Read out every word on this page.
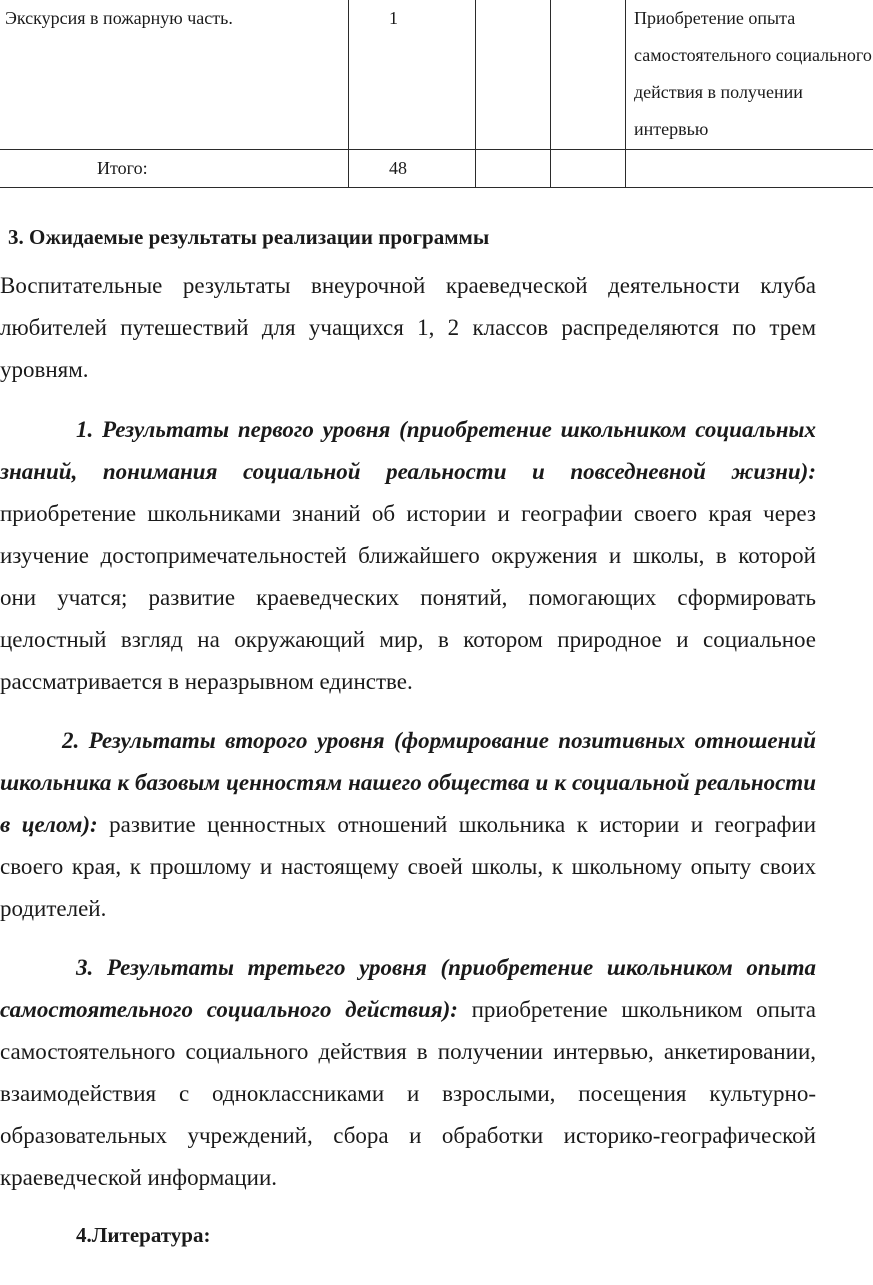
Экскурсия в пожарную часть.	1			Приобретение опыта самостоятельного социального действия в получении интервью
Итого:	48			
3. Ожидаемые результаты реализации программы
Воспитательные результаты внеурочной краеведческой деятельности клуба любителей путешествий для учащихся 1, 2 классов распределяются по трем уровням.
1. Результаты первого уровня (приобретение школьником социальных знаний, понимания социальной реальности и повседневной жизни): приобретение школьниками знаний об истории и географии своего края через изучение достопримечательностей ближайшего окружения и школы, в которой они учатся; развитие краеведческих понятий, помогающих сформировать целостный взгляд на окружающий мир, в котором природное и социальное рассматривается в неразрывном единстве.
2. Результаты второго уровня (формирование позитивных отношений школьника к базовым ценностям нашего общества и к социальной реальности в целом): развитие ценностных отношений школьника к истории и географии своего края, к прошлому и настоящему своей школы, к школьному опыту своих родителей.
3. Результаты третьего уровня (приобретение школьником опыта самостоятельного социального действия): приобретение школьником опыта самостоятельного социального действия в получении интервью, анкетировании, взаимодействия с одноклассниками и взрослыми, посещения культурно-образовательных учреждений, сбора и обработки историко-географической краеведческой информации.
4.Литература:
